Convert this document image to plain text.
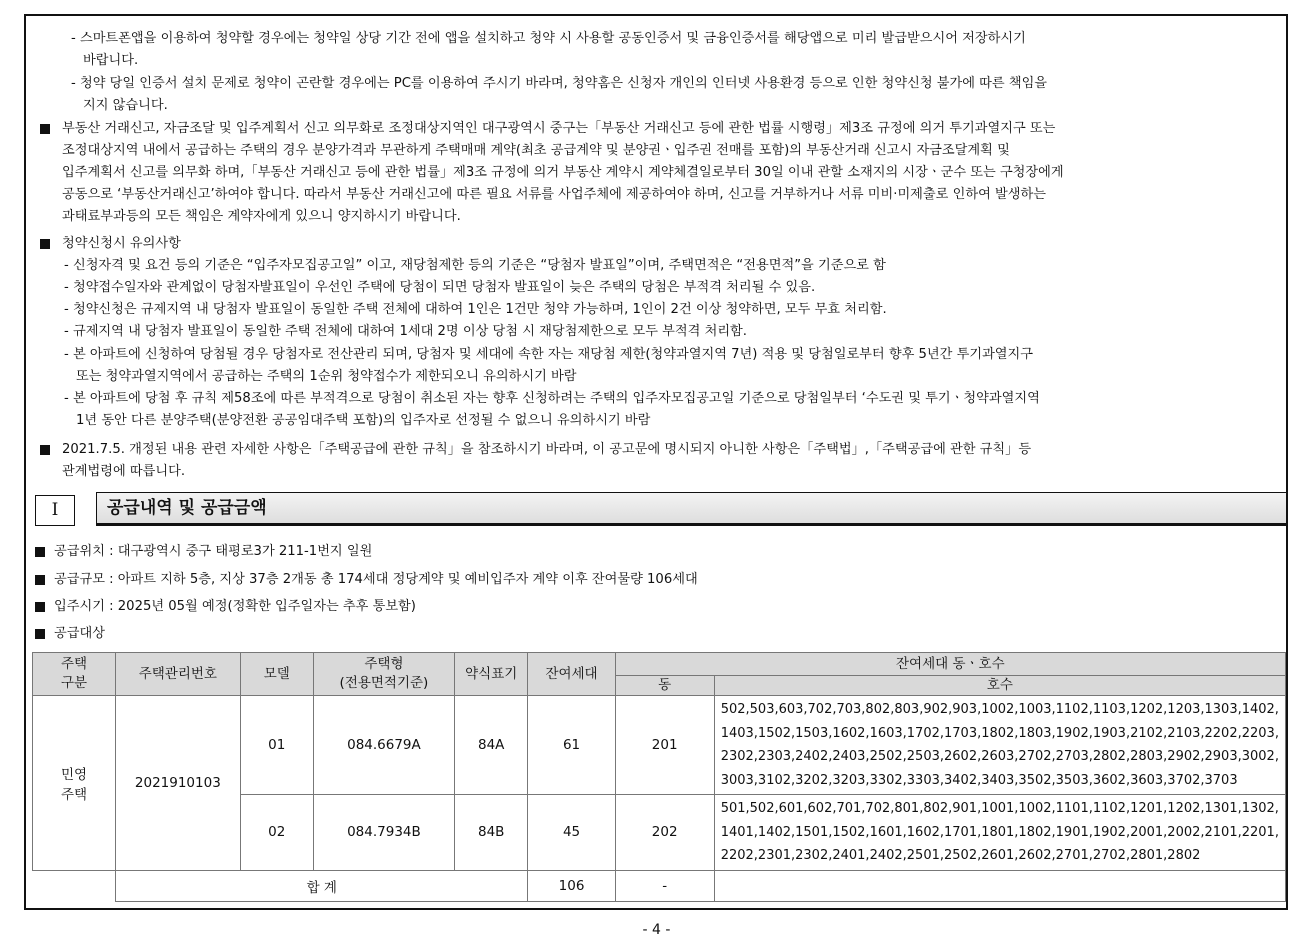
- 스마트폰앱을 이용하여 청약할 경우에는 청약일 상당 기간 전에 앱을 설치하고 청약 시 사용할 공동인증서 및 금융인증서를 해당앱으로 미리 발급받으시어 저장하시기
바랍니다.
- 청약 당일 인증서 설치 문제로 청약이 곤란할 경우에는 PC를 이용하여 주시기 바라며, 청약홈은 신청자 개인의 인터넷 사용환경 등으로 인한 청약신청 불가에 따른 책임을
지지 않습니다.
부동산 거래신고, 자금조달 및 입주계획서 신고 의무화로 조정대상지역인 대구광역시 중구는「부동산 거래신고 등에 관한 법률 시행령」제3조 규정에 의거 투기과열지구 또는
조정대상지역 내에서 공급하는 주택의 경우 분양가격과 무관하게 주택매매 계약(최초 공급계약 및 분양권ㆍ입주권 전매를 포함)의 부동산거래 신고시 자금조달계획 및
입주계획서 신고를 의무화 하며,「부동산 거래신고 등에 관한 법률」제3조 규정에 의거 부동산 계약시 계약체결일로부터 30일 이내 관할 소재지의 시장ㆍ군수 또는 구청장에게
공동으로 ‘부동산거래신고’하여야 합니다. 따라서 부동산 거래신고에 따른 필요 서류를 사업주체에 제공하여야 하며, 신고를 거부하거나 서류 미비·미제출로 인하여 발생하는
과태료부과등의 모든 책임은 계약자에게 있으니 양지하시기 바랍니다.
청약신청시 유의사항
- 신청자격 및 요건 등의 기준은 “입주자모집공고일” 이고, 재당첨제한 등의 기준은 “당첨자 발표일”이며, 주택면적은 “전용면적”을 기준으로 함
- 청약접수일자와 관계없이 당첨자발표일이 우선인 주택에 당첨이 되면 당첨자 발표일이 늦은 주택의 당첨은 부적격 처리될 수 있음.
- 청약신청은 규제지역 내 당첨자 발표일이 동일한 주택 전체에 대하여 1인은 1건만 청약 가능하며, 1인이 2건 이상 청약하면, 모두 무효 처리함.
- 규제지역 내 당첨자 발표일이 동일한 주택 전체에 대하여 1세대 2명 이상 당첨 시 재당첨제한으로 모두 부적격 처리함.
- 본 아파트에 신청하여 당첨될 경우 당첨자로 전산관리 되며, 당첨자 및 세대에 속한 자는 재당첨 제한(청약과열지역 7년) 적용 및 당첨일로부터 향후 5년간 투기과열지구
또는 청약과열지역에서 공급하는 주택의 1순위 청약접수가 제한되오니 유의하시기 바람
- 본 아파트에 당첨 후 규칙 제58조에 따른 부적격으로 당첨이 취소된 자는 향후 신청하려는 주택의 입주자모집공고일 기준으로 당첨일부터 ‘수도권 및 투기ㆍ청약과열지역
1년 동안 다른 분양주택(분양전환 공공임대주택 포함)의 입주자로 선정될 수 없으니 유의하시기 바람
2021.7.5. 개정된 내용 관련 자세한 사항은「주택공급에 관한 규칙」을 참조하시기 바라며, 이 공고문에 명시되지 아니한 사항은「주택법」,「주택공급에 관한 규칙」등
관계법령에 따릅니다.
I	공급내역 및 공급금액
공급위치 : 대구광역시 중구 태평로3가 211-1번지 일원
공급규모 : 아파트 지하 5층, 지상 37층 2개동 총 174세대 정당계약 및 예비입주자 계약 이후 잔여물량 106세대
입주시기 : 2025년 05월 예정(정확한 입주일자는 추후 통보함)
공급대상
주택
구분	주택관리번호	모델	주택형
(전용면적기준)	약식표기	잔여세대	잔여세대 동ㆍ호수	
						동	호수
민영
주택	2021910103	01	084.6679A	84A	61	201	502,503,603,702,703,802,803,902,903,1002,1003,1102,1103,1202,1203,1303,1402,
1403,1502,1503,1602,1603,1702,1703,1802,1803,1902,1903,2102,2103,2202,2203,
2302,2303,2402,2403,2502,2503,2602,2603,2702,2703,2802,2803,2902,2903,3002,
3003,3102,3202,3203,3302,3303,3402,3403,3502,3503,3602,3603,3702,3703
		02	084.7934B	84B	45	202	501,502,601,602,701,702,801,802,901,1001,1002,1101,1102,1201,1202,1301,1302,
1401,1402,1501,1502,1601,1602,1701,1801,1802,1901,1902,2001,2002,2101,2201,
2202,2301,2302,2401,2402,2501,2502,2601,2602,2701,2702,2801,2802
	합 계				106	-	
- 4 -
